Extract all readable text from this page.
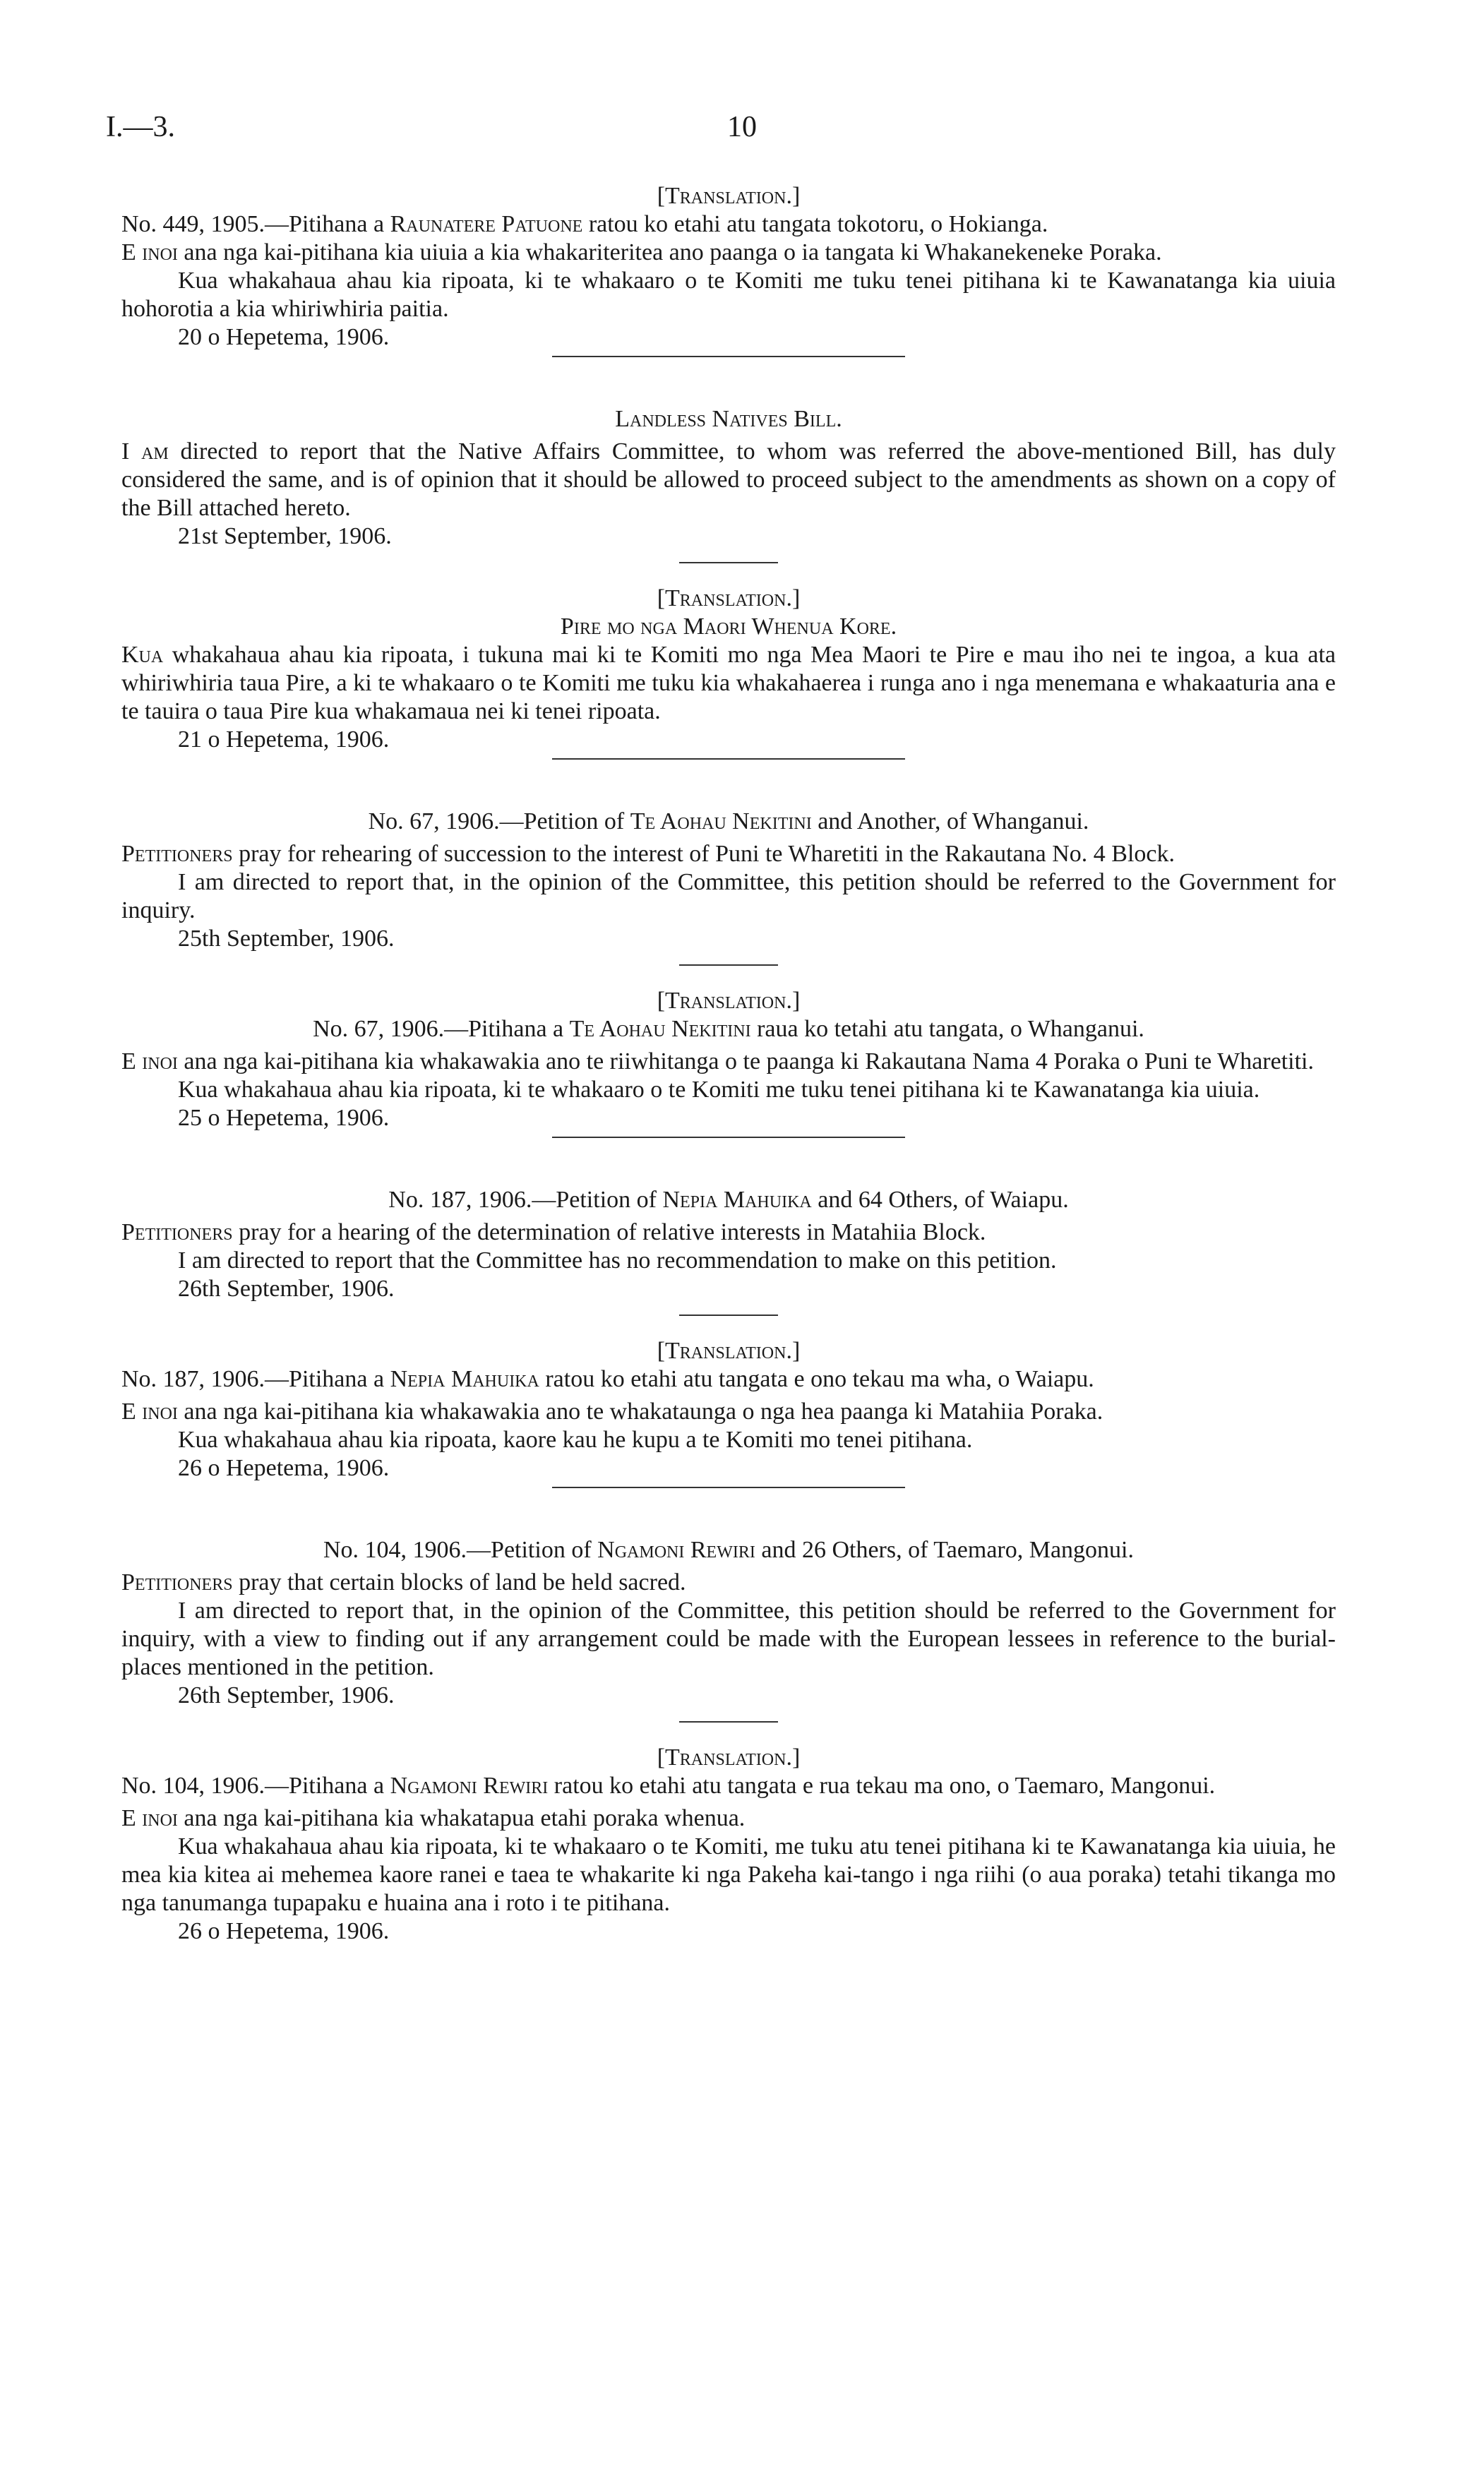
I.—3.	10

[Translation.]

No. 449, 1905.—Pitihana a Raunatere Patuone ratou ko etahi atu tangata tokotoru, o Hokianga.

E inoi ana nga kai-pitihana kia uiuia a kia whakariteritea ano paanga o ia tangata ki Whakanekeneke Poraka.

Kua whakahaua ahau kia ripoata, ki te whakaaro o te Komiti me tuku tenei pitihana ki te Kawanatanga kia uiuia hohorotia a kia whiriwhiria paitia.

20 o Hepetema, 1906.

Landless Natives Bill.

I am directed to report that the Native Affairs Committee, to whom was referred the above-mentioned Bill, has duly considered the same, and is of opinion that it should be allowed to proceed subject to the amendments as shown on a copy of the Bill attached hereto.

21st September, 1906.

[Translation.]

Pire mo nga Maori Whenua Kore.

Kua whakahaua ahau kia ripoata, i tukuna mai ki te Komiti mo nga Mea Maori te Pire e mau iho nei te ingoa, a kua ata whiriwhiria taua Pire, a ki te whakaaro o te Komiti me tuku kia whakahaerea i runga ano i nga menemana e whakaaturia ana e te tauira o taua Pire kua whakamaua nei ki tenei ripoata.

21 o Hepetema, 1906.

No. 67, 1906.—Petition of Te Aohau Nekitini and Another, of Whanganui.

Petitioners pray for rehearing of succession to the interest of Puni te Wharetiti in the Rakautana No. 4 Block.

I am directed to report that, in the opinion of the Committee, this petition should be referred to the Government for inquiry.

25th September, 1906.

[Translation.]

No. 67, 1906.—Pitihana a Te Aohau Nekitini raua ko tetahi atu tangata, o Whanganui.

E inoi ana nga kai-pitihana kia whakawakia ano te riiwhitanga o te paanga ki Rakautana Nama 4 Poraka o Puni te Wharetiti.

Kua whakahaua ahau kia ripoata, ki te whakaaro o te Komiti me tuku tenei pitihana ki te Kawanatanga kia uiuia.

25 o Hepetema, 1906.

No. 187, 1906.—Petition of Nepia Mahuika and 64 Others, of Waiapu.

Petitioners pray for a hearing of the determination of relative interests in Matahiia Block.

I am directed to report that the Committee has no recommendation to make on this petition.

26th September, 1906.

[Translation.]

No. 187, 1906.—Pitihana a Nepia Mahuika ratou ko etahi atu tangata e ono tekau ma wha, o Waiapu.

E inoi ana nga kai-pitihana kia whakawakia ano te whakataunga o nga hea paanga ki Matahiia Poraka.

Kua whakahaua ahau kia ripoata, kaore kau he kupu a te Komiti mo tenei pitihana.

26 o Hepetema, 1906.

No. 104, 1906.—Petition of Ngamoni Rewiri and 26 Others, of Taemaro, Mangonui.

Petitioners pray that certain blocks of land be held sacred.

I am directed to report that, in the opinion of the Committee, this petition should be referred to the Government for inquiry, with a view to finding out if any arrangement could be made with the European lessees in reference to the burial-places mentioned in the petition.

26th September, 1906.

[Translation.]

No. 104, 1906.—Pitihana a Ngamoni Rewiri ratou ko etahi atu tangata e rua tekau ma ono, o Taemaro, Mangonui.

E inoi ana nga kai-pitihana kia whakatapua etahi poraka whenua.

Kua whakahaua ahau kia ripoata, ki te whakaaro o te Komiti, me tuku atu tenei pitihana ki te Kawanatanga kia uiuia, he mea kia kitea ai mehemea kaore ranei e taea te whakarite ki nga Pakeha kai-tango i nga riihi (o aua poraka) tetahi tikanga mo nga tanumanga tupapaku e huaina ana i roto i te pitihana.

26 o Hepetema, 1906.
